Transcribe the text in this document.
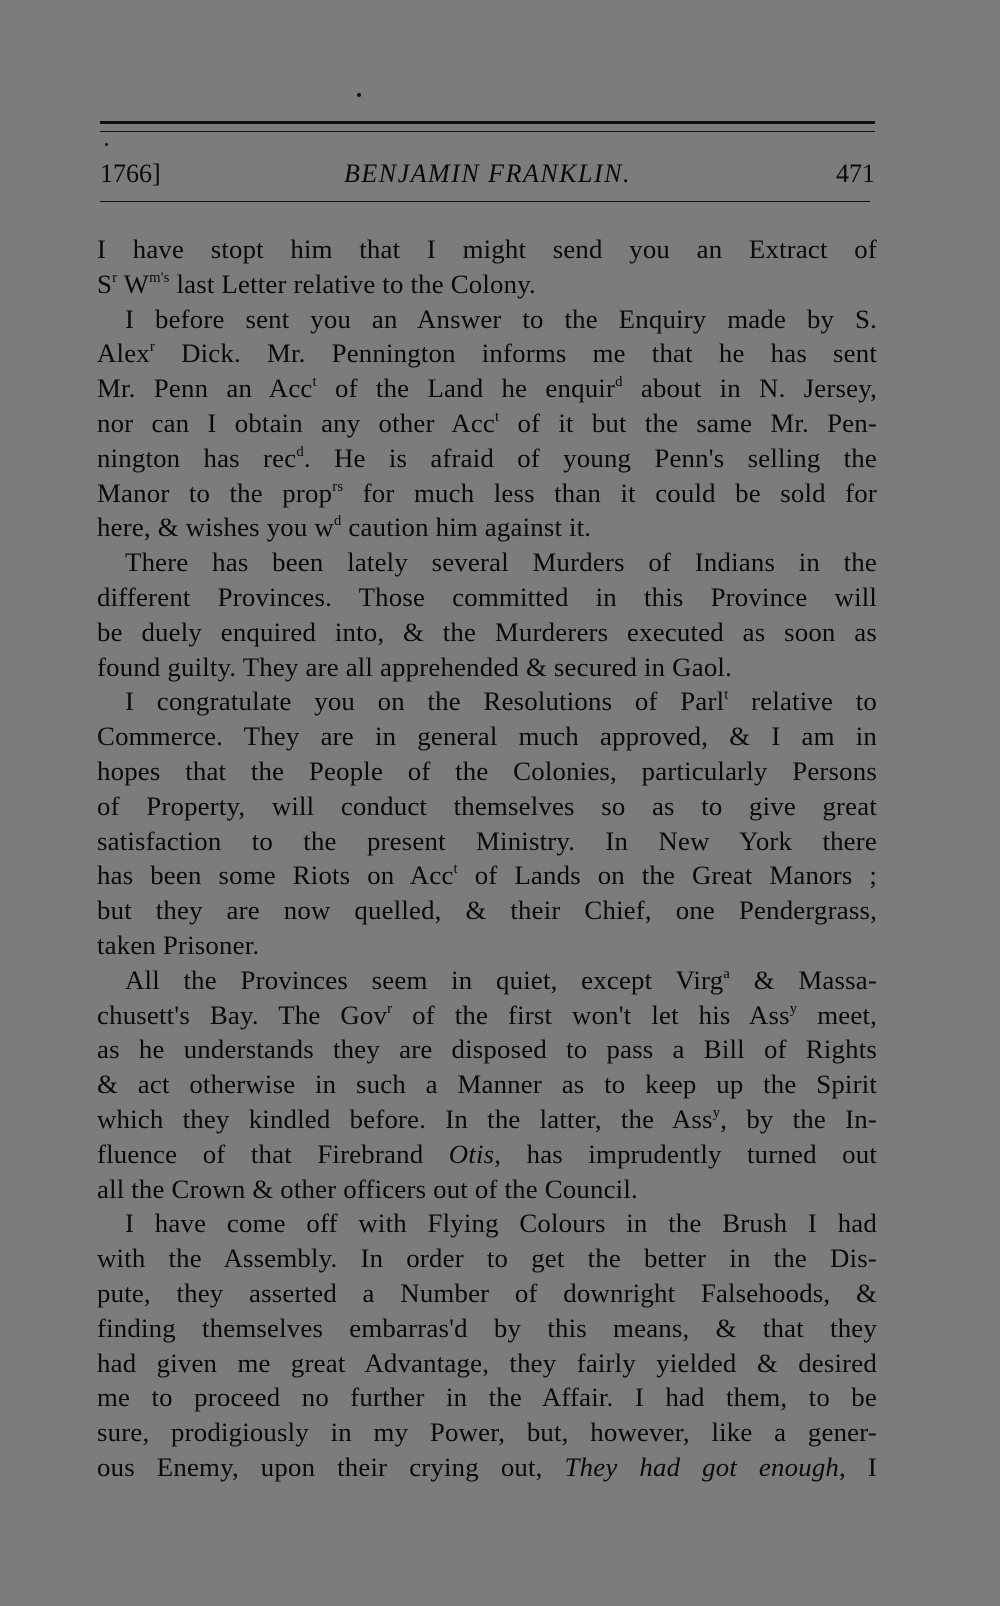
1766]	BENJAMIN FRANKLIN.	471
I have stopt him that I might send you an Extract of
$S^r$ $W^{m's}$ last Letter relative to the Colony.
I before sent you an Answer to the Enquiry made by S.
Alex$^r$ Dick. Mr. Pennington informs me that he has sent
Mr. Penn an Acc$^t$ of the Land he enquir$^d$ about in N. Jersey,
nor can I obtain any other Acc$^t$ of it but the same Mr. Pen-
nington has rec$^d$. He is afraid of young Penn's selling the
Manor to the prop$^{rs}$ for much less than it could be sold for
here, & wishes you $w^d$ caution him against it.
There has been lately several Murders of Indians in the
different Provinces. Those committed in this Province will
be duely enquired into, & the Murderers executed as soon as
found guilty. They are all apprehended & secured in Gaol.
I congratulate you on the Resolutions of Parl$^t$ relative to
Commerce. They are in general much approved, & I am in
hopes that the People of the Colonies, particularly Persons
of Property, will conduct themselves so as to give great
satisfaction to the present Ministry. In New York there
has been some Riots on Acc$^t$ of Lands on the Great Manors ;
but they are now quelled, & their Chief, one Pendergrass,
taken Prisoner.
All the Provinces seem in quiet, except Virg$^a$ & Massa-
chusett's Bay. The Gov$^r$ of the first won't let his Ass$^y$ meet,
as he understands they are disposed to pass a Bill of Rights
& act otherwise in such a Manner as to keep up the Spirit
which they kindled before. In the latter, the Ass$^y$, by the In-
fluence of that Firebrand Otis, has imprudently turned out
all the Crown & other officers out of the Council.
I have come off with Flying Colours in the Brush I had
with the Assembly. In order to get the better in the Dis-
pute, they asserted a Number of downright Falsehoods, &
finding themselves embarras'd by this means, & that they
had given me great Advantage, they fairly yielded & desired
me to proceed no further in the Affair. I had them, to be
sure, prodigiously in my Power, but, however, like a gener-
ous Enemy, upon their crying out, They had got enough, I
